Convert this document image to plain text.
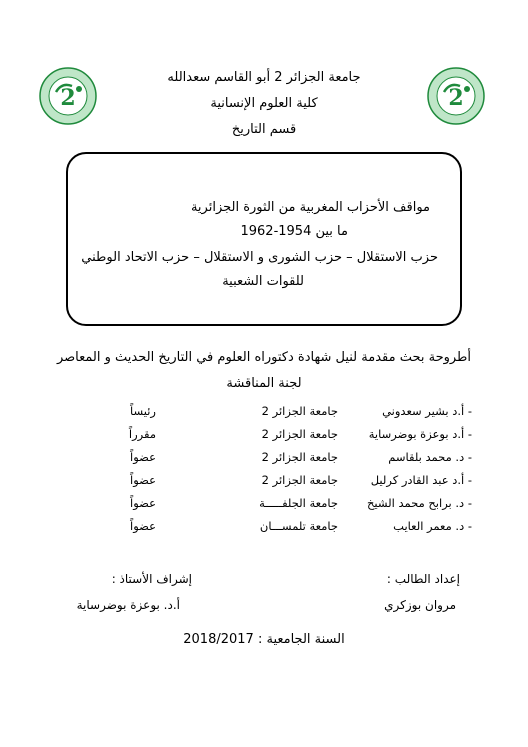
2	2
جامعة الجزائر 2 أبو القاسم سعدالله
كلية العلوم الإنسانية
قسم التاريخ
مواقف الأحزاب المغربية من الثورة الجزائرية
ما بين 1954-1962
حزب الاستقلال – حزب الشورى و الاستقلال – حزب الاتحاد الوطني
للقوات الشعبية
أطروحة بحث مقدمة لنيل شهادة دكتوراه العلوم في التاريخ الحديث و المعاصر
لجنة المناقشة
- أ.د بشير سعدوني
جامعة الجزائر 2
رئيساً
- أ.د بوعزة بوضرساية
جامعة الجزائر 2
مقرراً
- د. محمد بلقاسم
جامعة الجزائر 2
عضواً
- أ.د عبد القادر كرليل
جامعة الجزائر 2
عضواً
- د. برابح محمد الشيخ
جامعة الجلفـــــة
عضواً
- د. معمر العايب
جامعة تلمســـان
عضواً
إعداد الطالب :
إشراف الأستاذ :
مروان بوزكري
أ.د. بوعزة بوضرساية
السنة الجامعية : 2018/2017
